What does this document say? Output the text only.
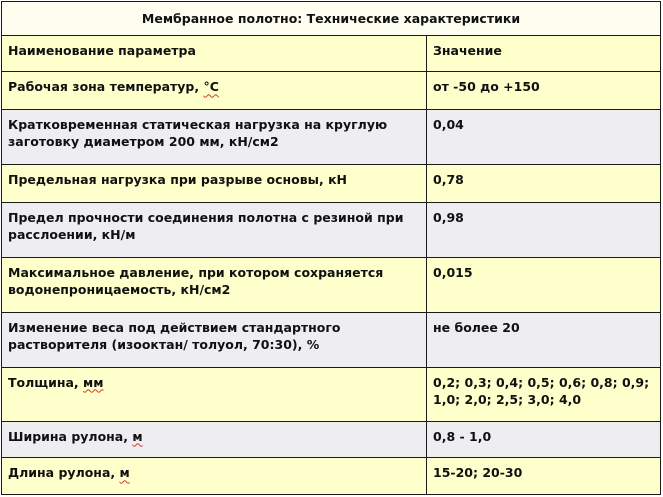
Мембранное полотно: Технические характеристики	

Наименование параметра	Значение

Рабочая зона температур, °С	от -50 до +150

Кратковременная статическая нагрузка на круглую заготовку диаметром 200 мм, кН/см2	0,04

Предельная нагрузка при разрыве основы, кН	0,78

Предел прочности соединения полотна с резиной при расслоении, кН/м	0,98

Максимальное давление, при котором сохраняется водонепроницаемость, кН/см2	0,015

Изменение веса под действием стандартного растворителя (изооктан/ толуол, 70:30), %	не более 20

Толщина, мм	0,2; 0,3; 0,4; 0,5; 0,6; 0,8; 0,9; 1,0; 2,0; 2,5; 3,0; 4,0

Ширина рулона, м	0,8 - 1,0

Длина рулона, м	15-20; 20-30
